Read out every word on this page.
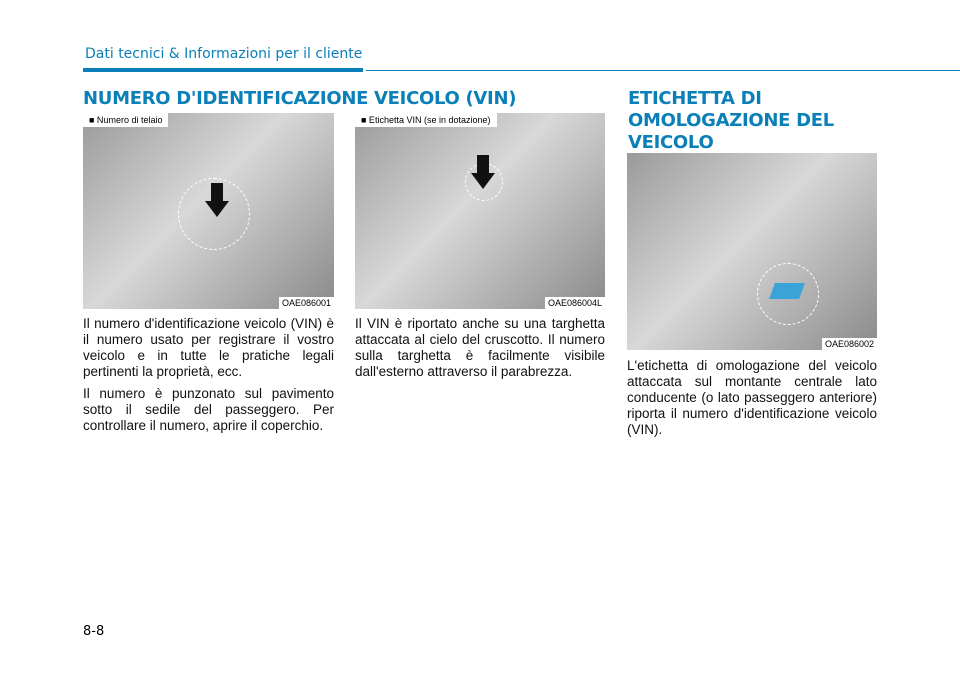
Dati tecnici & Informazioni per il cliente
NUMERO D'IDENTIFICAZIONE VEICOLO (VIN)	ETICHETTA DI OMOLOGAZIONE DEL VEICOLO
■ Numero di telaio
OAE086001
■ Etichetta VIN (se in dotazione)
OAE086004L
OAE086002

Il numero d'identificazione veicolo (VIN) è il numero usato per registrare il vostro veicolo e in tutte le pratiche legali pertinenti la proprietà, ecc.

Il numero è punzonato sul pavimento sotto il sedile del passeggero. Per controllare il numero, aprire il coperchio.

Il VIN è riportato anche su una targhetta attaccata al cielo del cruscotto. Il numero sulla targhetta è facilmente visibile dall'esterno attraverso il parabrezza.	L'etichetta di omologazione del veicolo attaccata sul montante centrale lato conducente (o lato passeggero anteriore) riporta il numero d'identificazione veicolo (VIN).

8-8
